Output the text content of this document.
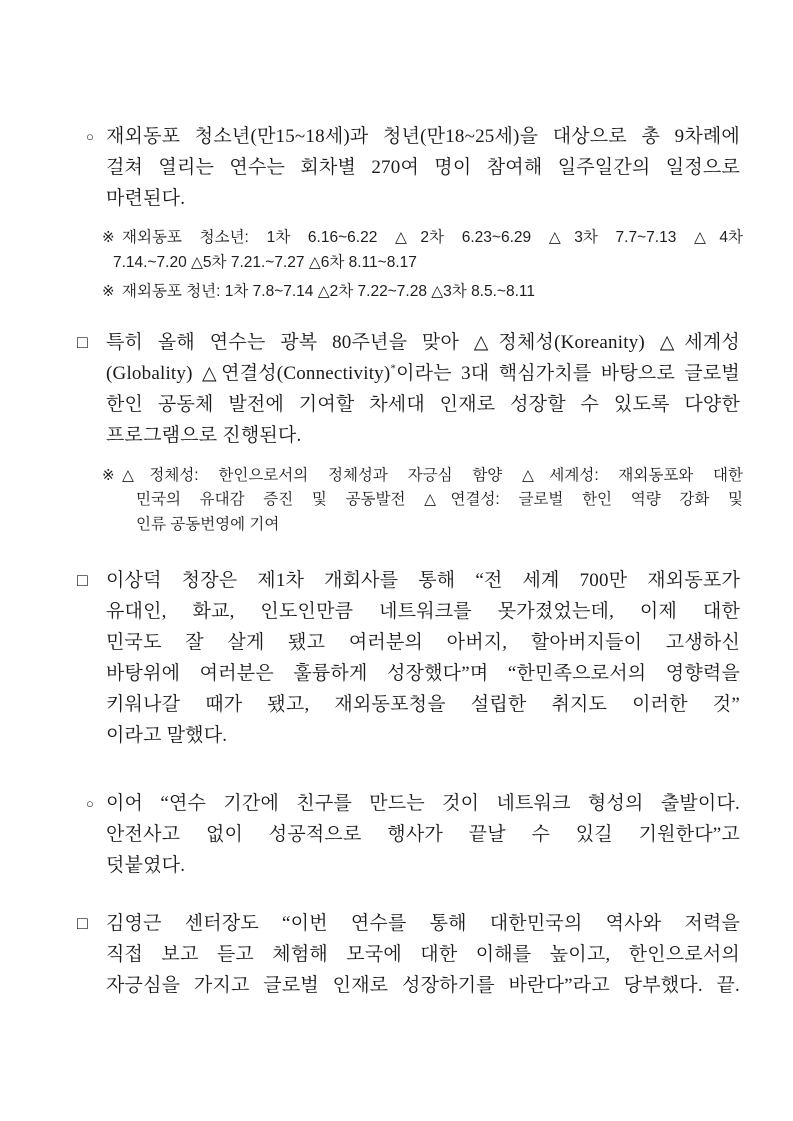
○ 재외동포 청소년(만15~18세)과 청년(만18~25세)을 대상으로 총 9차례에
걸쳐 열리는 연수는 회차별 270여 명이 참여해 일주일간의 일정으로
마련된다.
※ 재외동포 청소년: 1차 6.16~6.22 △2차 6.23~6.29 △3차 7.7~7.13 △4차
7.14.~7.20 △5차 7.21.~7.27 △6차 8.11~8.17
※ 재외동포 청년: 1차 7.8~7.14 △2차 7.22~7.28 △3차 8.5.~8.11
□ 특히 올해 연수는 광복 80주년을 맞아 △정체성(Koreanity) △세계성
(Globality) △연결성(Connectivity)*이라는 3대 핵심가치를 바탕으로 글로벌
한인 공동체 발전에 기여할 차세대 인재로 성장할 수 있도록 다양한
프로그램으로 진행된다.
※ △정체성: 한인으로서의 정체성과 자긍심 함양 △세계성: 재외동포와 대한
민국의 유대감 증진 및 공동발전 △연결성: 글로벌 한인 역량 강화 및
인류 공동번영에 기여
□ 이상덕 청장은 제1차 개회사를 통해 “전 세계 700만 재외동포가
유대인, 화교, 인도인만큼 네트워크를 못가졌었는데, 이제 대한
민국도 잘 살게 됐고 여러분의 아버지, 할아버지들이 고생하신
바탕위에 여러분은 훌륭하게 성장했다”며 “한민족으로서의 영향력을
키워나갈 때가 됐고, 재외동포청을 설립한 취지도 이러한 것”
이라고 말했다.
○ 이어 “연수 기간에 친구를 만드는 것이 네트워크 형성의 출발이다.
안전사고 없이 성공적으로 행사가 끝날 수 있길 기원한다”고
덧붙였다.
□ 김영근 센터장도 “이번 연수를 통해 대한민국의 역사와 저력을
직접 보고 듣고 체험해 모국에 대한 이해를 높이고, 한인으로서의
자긍심을 가지고 글로벌 인재로 성장하기를 바란다”라고 당부했다. 끝.
